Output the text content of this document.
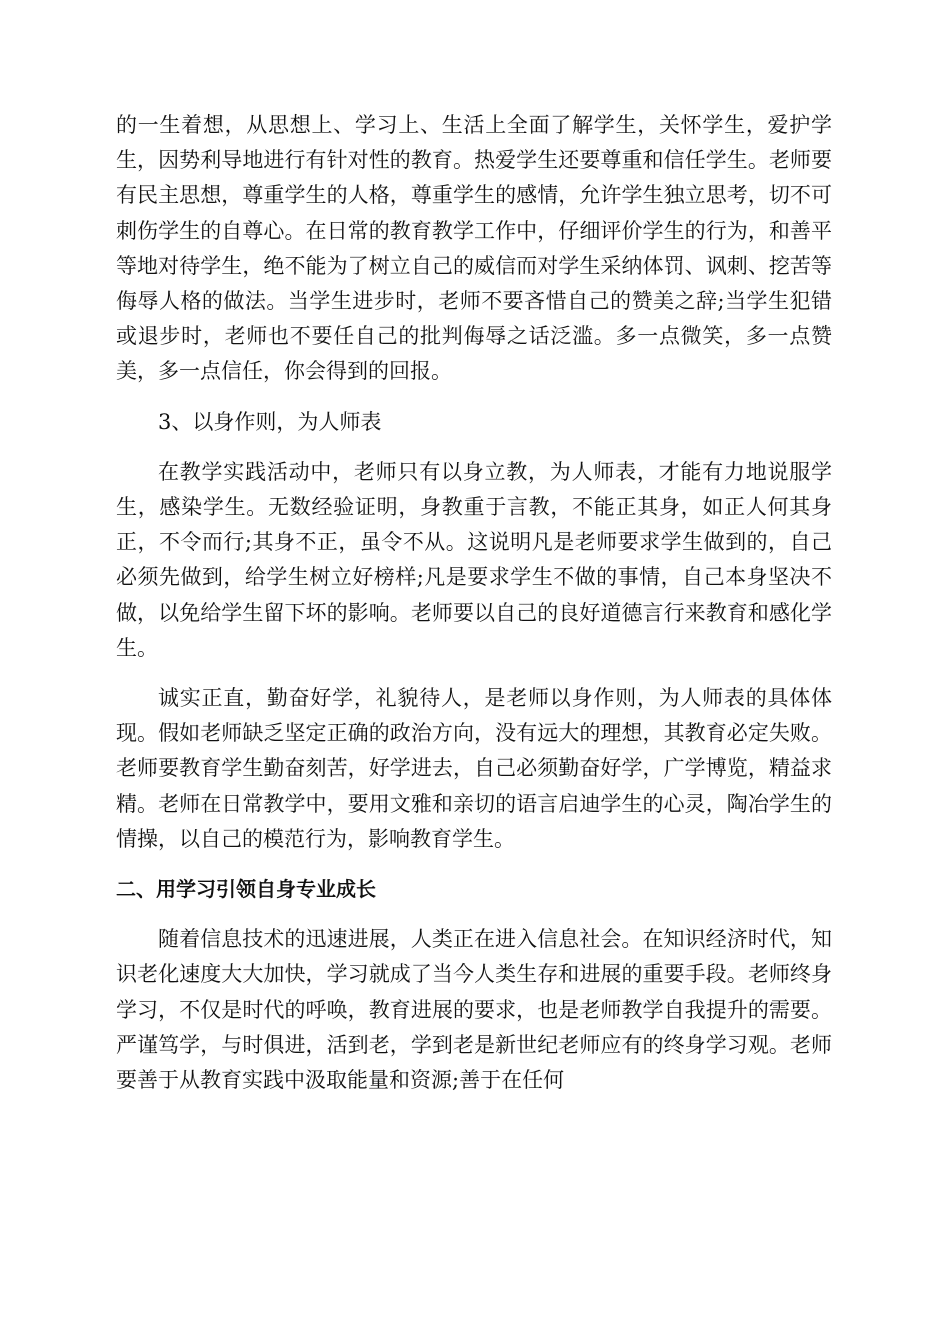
的一生着想，从思想上、学习上、生活上全面了解学生，关怀学生，爱护学生，因势利导地进行有针对性的教育。热爱学生还要尊重和信任学生。老师要有民主思想，尊重学生的人格，尊重学生的感情，允许学生独立思考，切不可刺伤学生的自尊心。在日常的教育教学工作中，仔细评价学生的行为，和善平等地对待学生，绝不能为了树立自己的威信而对学生采纳体罚、讽刺、挖苦等侮辱人格的做法。当学生进步时，老师不要吝惜自己的赞美之辞;当学生犯错或退步时，老师也不要任自己的批判侮辱之话泛滥。多一点微笑，多一点赞美，多一点信任，你会得到的回报。

3、以身作则，为人师表

在教学实践活动中，老师只有以身立教，为人师表，才能有力地说服学生，感染学生。无数经验证明，身教重于言教，不能正其身，如正人何其身正，不令而行;其身不正，虽令不从。这说明凡是老师要求学生做到的，自己必须先做到，给学生树立好榜样;凡是要求学生不做的事情，自己本身坚决不做，以免给学生留下坏的影响。老师要以自己的良好道德言行来教育和感化学生。

诚实正直，勤奋好学，礼貌待人，是老师以身作则，为人师表的具体体现。假如老师缺乏坚定正确的政治方向，没有远大的理想，其教育必定失败。老师要教育学生勤奋刻苦，好学进去，自己必须勤奋好学，广学博览，精益求精。老师在日常教学中，要用文雅和亲切的语言启迪学生的心灵，陶冶学生的情操，以自己的模范行为，影响教育学生。

二、用学习引领自身专业成长

随着信息技术的迅速进展，人类正在进入信息社会。在知识经济时代，知识老化速度大大加快，学习就成了当今人类生存和进展的重要手段。老师终身学习，不仅是时代的呼唤，教育进展的要求，也是老师教学自我提升的需要。严谨笃学，与时俱进，活到老，学到老是新世纪老师应有的终身学习观。老师要善于从教育实践中汲取能量和资源;善于在任何
